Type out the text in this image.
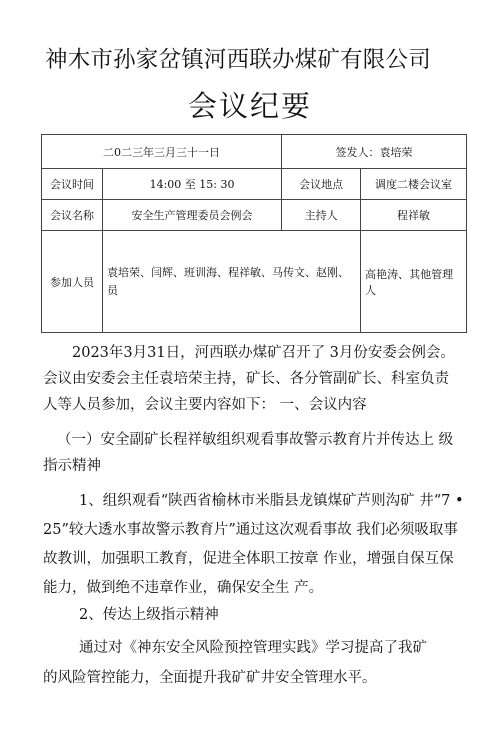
神木市孙家岔镇河西联办煤矿有限公司
会议纪要
二0二三年三月三十一日		签发人：袁培荣	
会议时间	14:00 至 15: 30	会议地点	调度二楼会议室
会议名称	安全生产管理委员会例会	主持人	程祥敏
参加人员	袁培荣、闫辉、班训海、程祥敏、马传文、赵刚、员		高艳涛、其他管理人

2023年3月31日，河西联办煤矿召开了 3月份安委会例会。 会议由安委会主任袁培荣主持，矿长、各分管副矿长、科室负责 人等人员参加，会议主要内容如下： 一、会议内容

（一）安全副矿长程祥敏组织观看事故警示教育片并传达上 级指示精神

1、组织观看“陕西省榆林市米脂县龙镇煤矿芦则沟矿 井“7 • 25”较大透水事故警示教育片”通过这次观看事故 我们必须吸取事故教训，加强职工教育，促进全体职工按章 作业，增强自保互保能力，做到绝不违章作业，确保安全生 产。

2、传达上级指示精神

通过对《神东安全风险预控管理实践》学习提高了我矿

的风险管控能力，全面提升我矿矿井安全管理水平。
